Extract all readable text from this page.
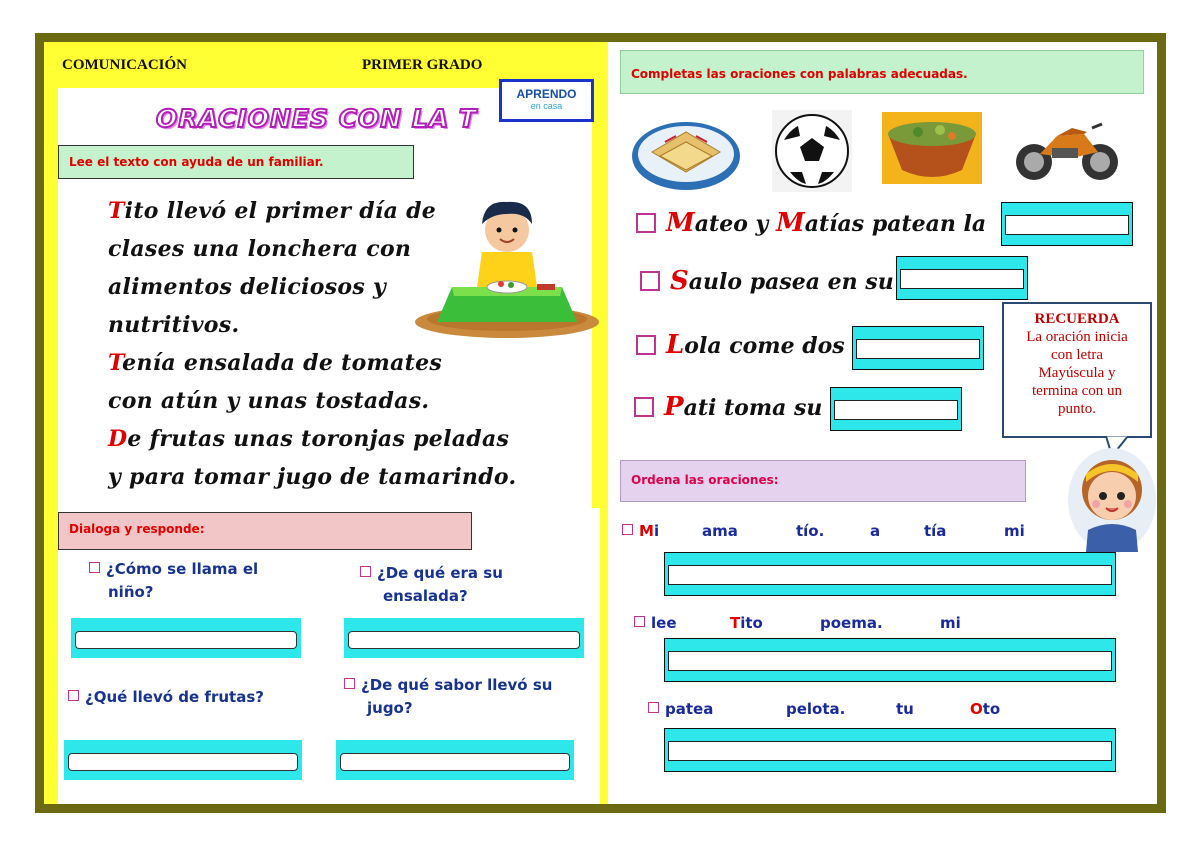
COMUNICACIÓN	PRIMER GRADO
APRENDO
en casa
ORACIONES CON LA T
Lee el texto con ayuda de un familiar.
Tito llevó el primer día de
clases una lonchera con
alimentos deliciosos y
nutritivos.
Tenía ensalada de tomates
con atún y unas tostadas.
De frutas unas toronjas peladas
y para tomar jugo de tamarindo.
Dialoga y responde:
¿Cómo se llama el
niño?
¿De qué era su
ensalada?
¿Qué llevó de frutas?
¿De qué sabor llevó su
jugo?
Completas las oraciones con palabras adecuadas.
Mateo y Matías patean la
Saulo pasea en su
Lola come dos
Pati toma su
RECUERDA
La oración inicia
con letra
Mayúscula y
termina con un
punto.
Ordena las oraciones:
Mi	ama	tío.	a	tía	mi
lee	Tito	poema.	mi
patea	pelota.	tu	Oto
